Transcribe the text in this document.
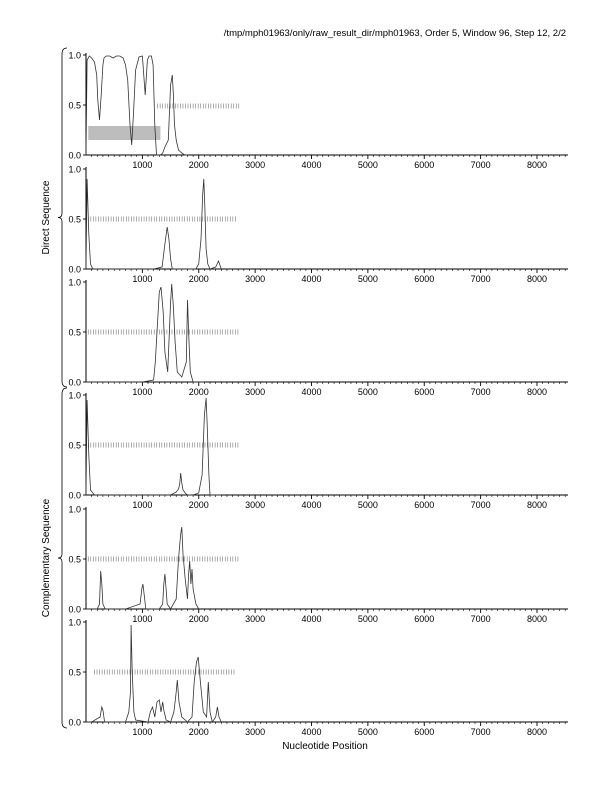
/tmp/mph01963/only/raw_result_dir/mph01963, Order 5, Window 96, Step 12, 2/2
1000	2000	3000	4000	5000	6000	7000	8000
0.0
0.5
1.0
1000	2000	3000	4000	5000	6000	7000	8000
0.0
0.5
1.0
1000	2000	3000	4000	5000	6000	7000	8000
0.0
0.5
1.0
1000	2000	3000	4000	5000	6000	7000	8000
0.0
0.5
1.0
1000	2000	3000	4000	5000	6000	7000	8000
0.0
0.5
1.0
1000	2000	3000	4000	5000	6000	7000	8000
0.0
0.5
1.0
Direct Sequence
Complementary Sequence
Nucleotide Position
